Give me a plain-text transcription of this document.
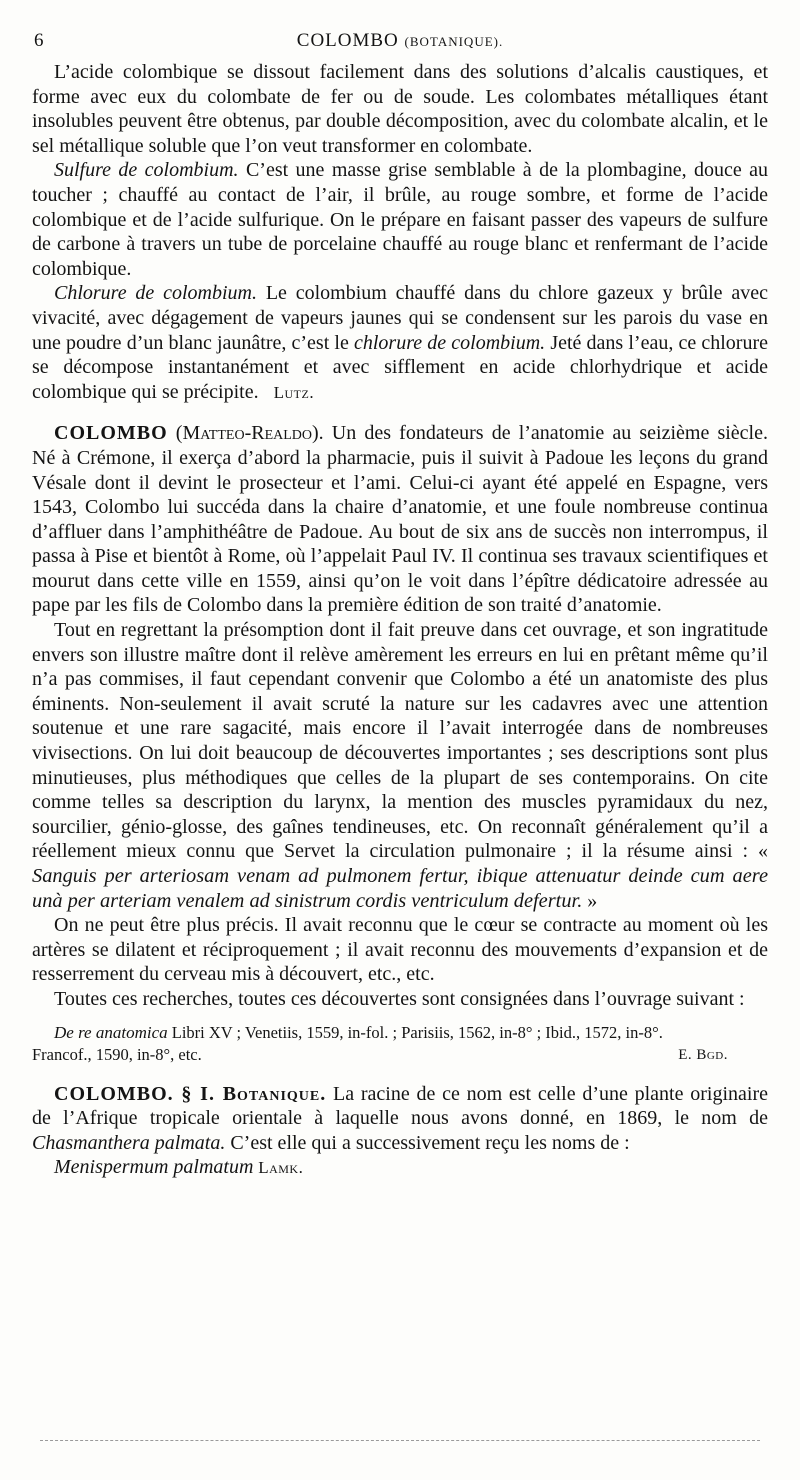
6	COLOMBO (BOTANIQUE).

L’acide colombique se dissout facilement dans des solutions d’alcalis caustiques, et forme avec eux du colombate de fer ou de soude. Les colombates métalliques étant insolubles peuvent être obtenus, par double décomposition, avec du colombate alcalin, et le sel métallique soluble que l’on veut transformer en colombate.

Sulfure de colombium. C’est une masse grise semblable à de la plombagine, douce au toucher ; chauffé au contact de l’air, il brûle, au rouge sombre, et forme de l’acide colombique et de l’acide sulfurique. On le prépare en faisant passer des vapeurs de sulfure de carbone à travers un tube de porcelaine chauffé au rouge blanc et renfermant de l’acide colombique.

Chlorure de colombium. Le colombium chauffé dans du chlore gazeux y brûle avec vivacité, avec dégagement de vapeurs jaunes qui se condensent sur les parois du vase en une poudre d’un blanc jaunâtre, c’est le chlorure de colombium. Jeté dans l’eau, ce chlorure se décompose instantanément et avec sifflement en acide chlorhydrique et acide colombique qui se précipite. Lutz.

COLOMBO (Matteo-Realdo). Un des fondateurs de l’anatomie au seizième siècle. Né à Crémone, il exerça d’abord la pharmacie, puis il suivit à Padoue les leçons du grand Vésale dont il devint le prosecteur et l’ami. Celui-ci ayant été appelé en Espagne, vers 1543, Colombo lui succéda dans la chaire d’anatomie, et une foule nombreuse continua d’affluer dans l’amphithéâtre de Padoue. Au bout de six ans de succès non interrompus, il passa à Pise et bientôt à Rome, où l’appelait Paul IV. Il continua ses travaux scientifiques et mourut dans cette ville en 1559, ainsi qu’on le voit dans l’épître dédicatoire adressée au pape par les fils de Colombo dans la première édition de son traité d’anatomie.

Tout en regrettant la présomption dont il fait preuve dans cet ouvrage, et son ingratitude envers son illustre maître dont il relève amèrement les erreurs en lui en prêtant même qu’il n’a pas commises, il faut cependant convenir que Colombo a été un anatomiste des plus éminents. Non-seulement il avait scruté la nature sur les cadavres avec une attention soutenue et une rare sagacité, mais encore il l’avait interrogée dans de nombreuses vivisections. On lui doit beaucoup de découvertes importantes ; ses descriptions sont plus minutieuses, plus méthodiques que celles de la plupart de ses contemporains. On cite comme telles sa description du larynx, la mention des muscles pyramidaux du nez, sourcilier, génio-glosse, des gaînes tendineuses, etc. On reconnaît généralement qu’il a réellement mieux connu que Servet la circulation pulmonaire ; il la résume ainsi : « Sanguis per arteriosam venam ad pulmonem fertur, ibique attenuatur deinde cum aere unà per arteriam venalem ad sinistrum cordis ventriculum defertur. »

On ne peut être plus précis. Il avait reconnu que le cœur se contracte au moment où les artères se dilatent et réciproquement ; il avait reconnu des mouvements d’expansion et de resserrement du cerveau mis à découvert, etc., etc.

Toutes ces recherches, toutes ces découvertes sont consignées dans l’ouvrage suivant :

De re anatomica Libri XV ; Venetiis, 1559, in-fol. ; Parisiis, 1562, in-8° ; Ibid., 1572, in-8°.
Francof., 1590, in-8°, etc.	E. Bgd.

COLOMBO. § I. Botanique. La racine de ce nom est celle d’une plante originaire de l’Afrique tropicale orientale à laquelle nous avons donné, en 1869, le nom de Chasmanthera palmata. C’est elle qui a successivement reçu les noms de :

Menispermum palmatum Lamk.
